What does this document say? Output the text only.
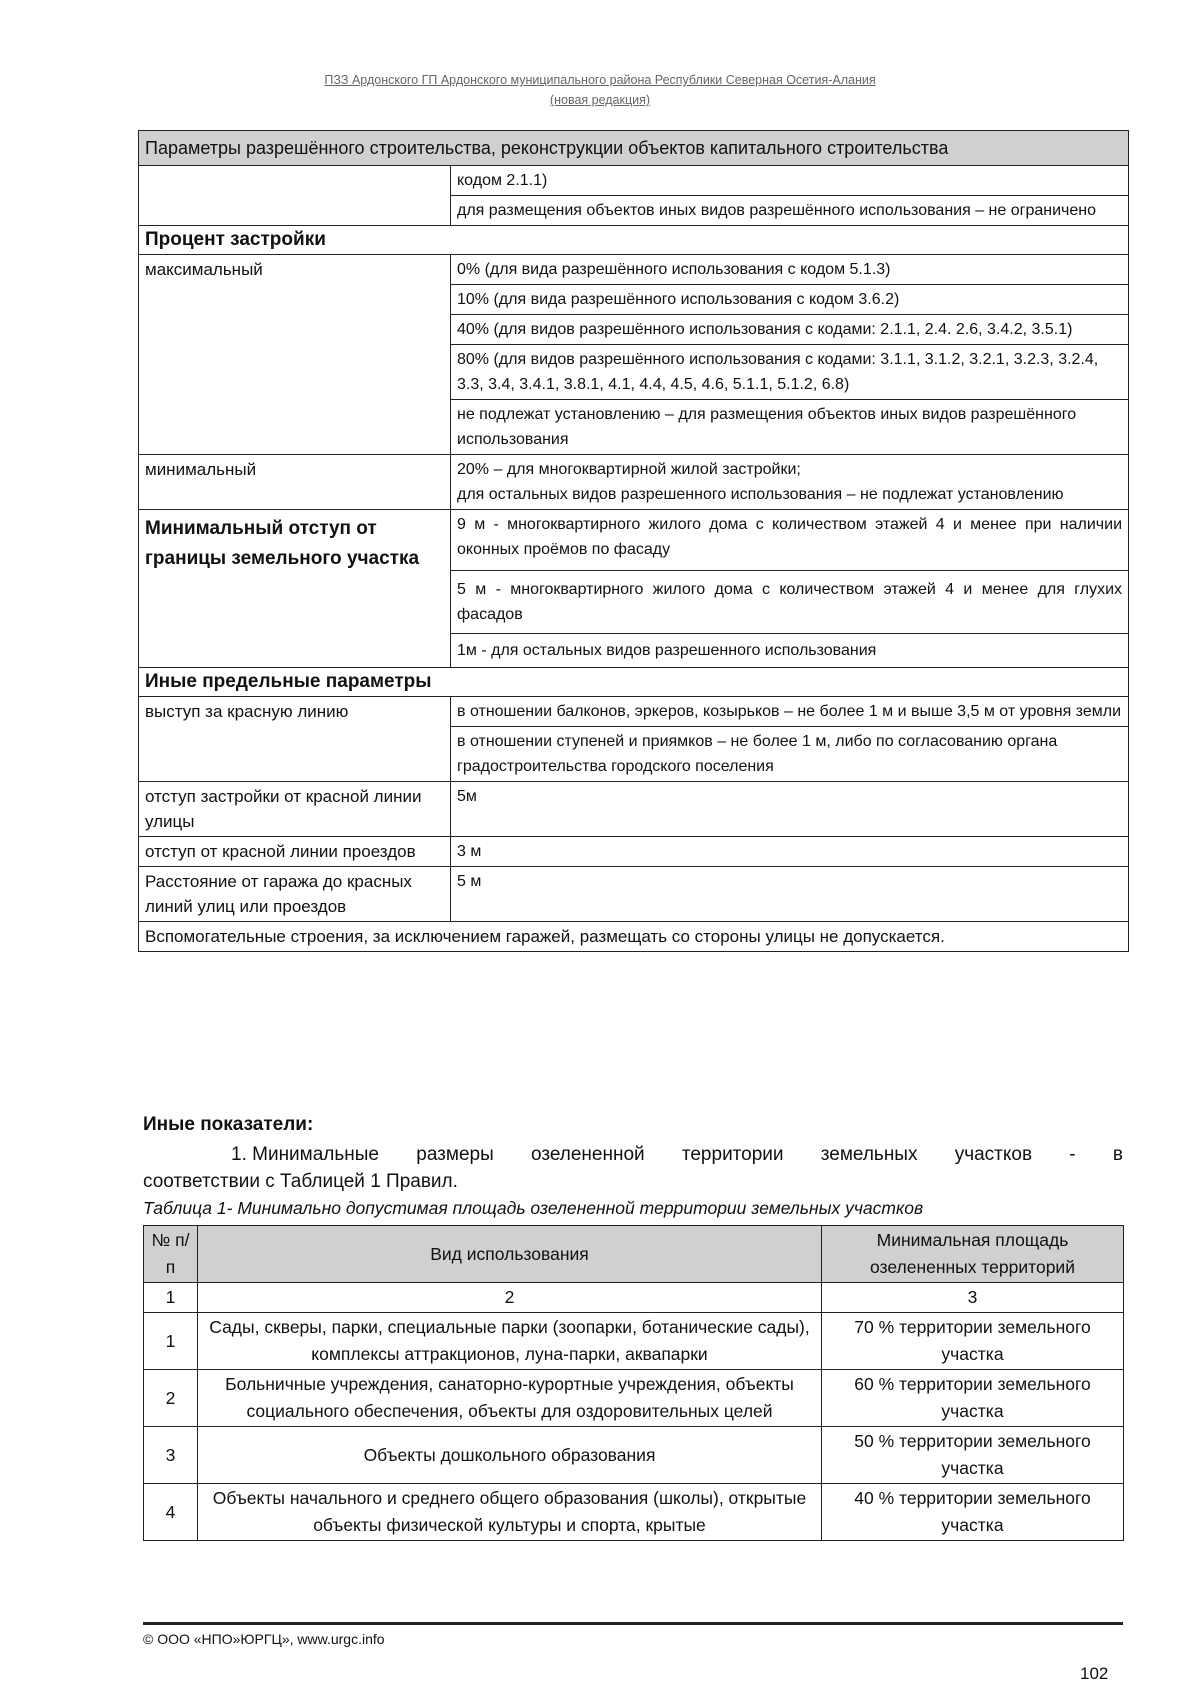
ПЗЗ Ардонского ГП Ардонского муниципального района Республики Северная Осетия-Алания
(новая редакция)
Параметры разрешённого строительства, реконструкции объектов капитального строительства	
	кодом 2.1.1)
	для размещения объектов иных видов разрешённого использования – не ограничено
Процент застройки	
максимальный	0% (для вида разрешённого использования с кодом 5.1.3)
	10% (для вида разрешённого использования с кодом 3.6.2)
	40% (для видов разрешённого использования с кодами: 2.1.1, 2.4. 2.6, 3.4.2, 3.5.1)
	80% (для видов разрешённого использования с кодами: 3.1.1, 3.1.2, 3.2.1, 3.2.3, 3.2.4, 3.3, 3.4, 3.4.1, 3.8.1, 4.1, 4.4, 4.5, 4.6, 5.1.1, 5.1.2, 6.8)
	не подлежат установлению – для размещения объектов иных видов разрешённого использования
минимальный	20% – для многоквартирной жилой застройки;
для остальных видов разрешенного использования – не подлежат установлению

Минимальный отступ от границы земельного участка	9 м - многоквартирного жилого дома с количеством этажей 4 и менее при наличии оконных проёмов по фасаду
	5 м - многоквартирного жилого дома с количеством этажей 4 и менее для глухих фасадов
	1м - для остальных видов разрешенного использования
Иные предельные параметры	
выступ за красную линию	в отношении балконов, эркеров, козырьков – не более 1 м и выше 3,5 м от уровня земли
	в отношении ступеней и приямков – не более 1 м, либо по согласованию органа градостроительства городского поселения
отступ застройки от красной линии улицы	5м
отступ от красной линии проездов	3 м
Расстояние от гаража до красных линий улиц или проездов	5 м
Вспомогательные строения, за исключением гаражей, размещать со стороны улицы не допускается.	
Иные показатели:
1. Минимальные размеры озелененной территории земельных участков - в
соответствии с Таблицей 1 Правил.
Таблица 1- Минимально допустимая площадь озелененной территории земельных участков
№ п/п	Вид использования	Минимальная площадь озелененных территорий
1	2	3
1	Сады, скверы, парки, специальные парки (зоопарки, ботанические сады), комплексы аттракционов, луна-парки, аквапарки	70 % территории земельного участка
2	Больничные учреждения, санаторно-курортные учреждения, объекты социального обеспечения, объекты для оздоровительных целей	60 % территории земельного участка
3	Объекты дошкольного образования	50 % территории земельного участка
4	Объекты начального и среднего общего образования (школы), открытые объекты физической культуры и спорта, крытые	40 % территории земельного участка
© ООО «НПО»ЮРГЦ», www.urgc.info
102
